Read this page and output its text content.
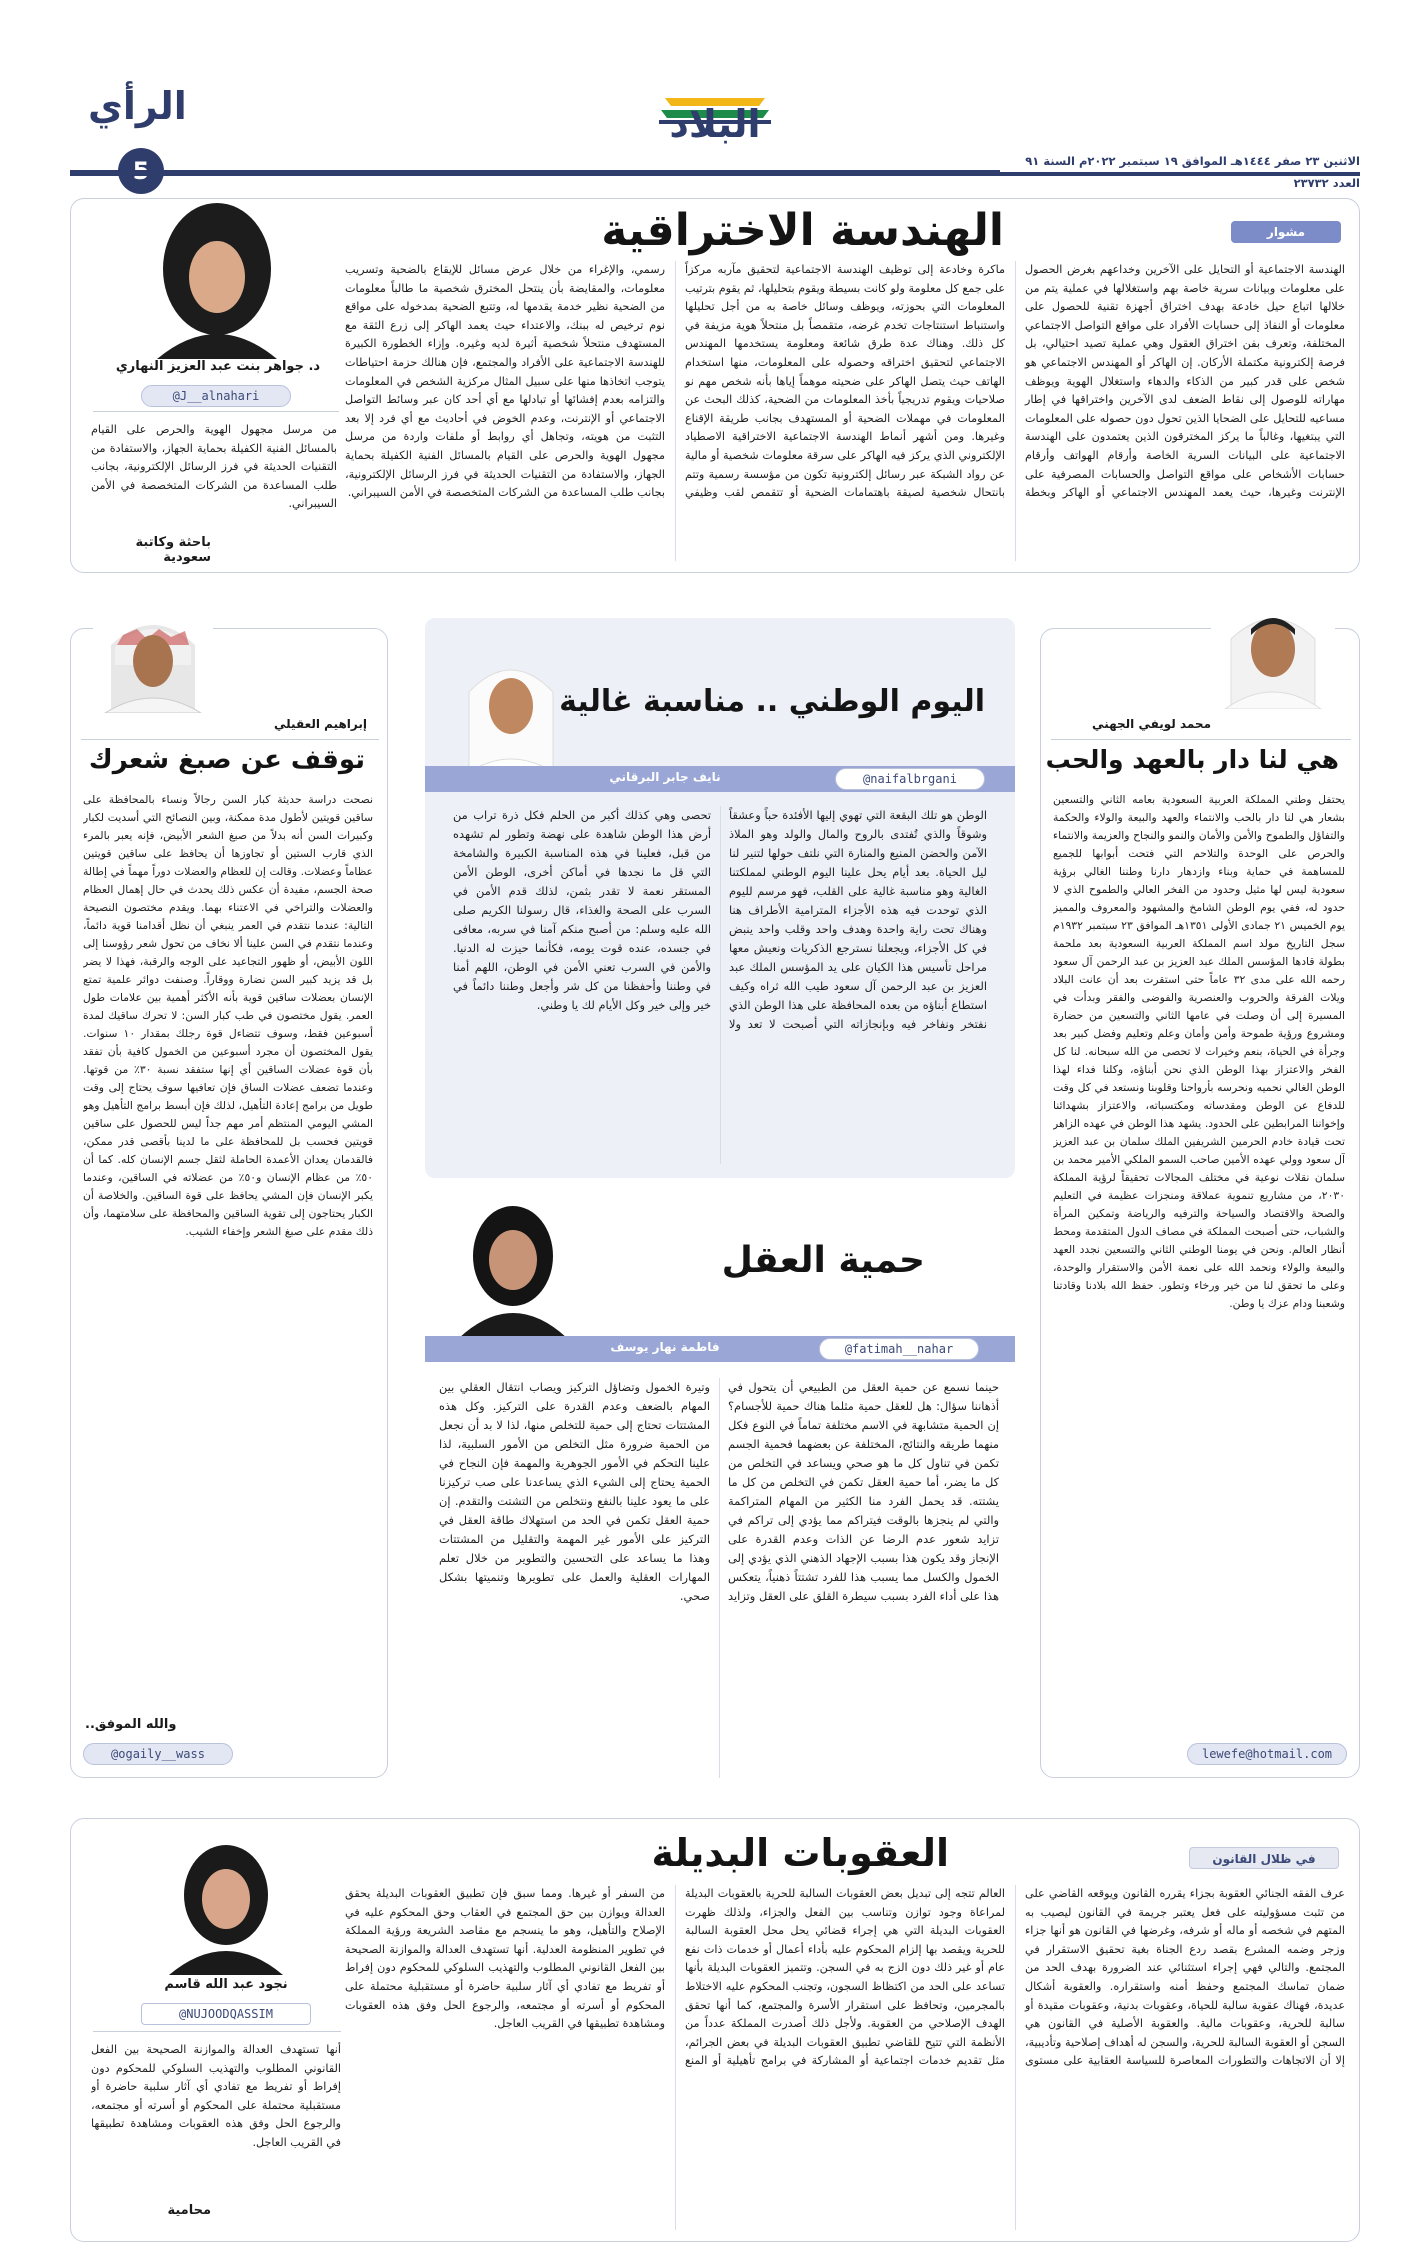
البلاد
الرأي
الاثنين ٢٣ صفر ١٤٤٤هـ الموافق ١٩ سبتمبر ٢٠٢٢م السنة ٩١ العدد ٢٣٧٣٢
مشوار
الهندسة الاختراقية
الهندسة الاجتماعية أو التحايل على الآخرين وخداعهم بغرض الحصول على معلومات وبيانات سرية خاصة بهم واستغلالها في عملية يتم من خلالها اتباع حيل خادعة بهدف اختراق أجهزة تقنية للحصول على معلومات أو النفاذ إلى حسابات الأفراد على مواقع التواصل الاجتماعي المختلفة، وتعرف بفن اختراق العقول وهي عملية تصيد احتيالي، بل فرصة إلكترونية مكتملة الأركان. إن الهاكر أو المهندس الاجتماعي هو شخص على قدر كبير من الذكاء والدهاء واستغلال الهوية ويوظف مهاراته للوصول إلى نقاط الضعف لدى الآخرين واختراقها في إطار مساعيه للتحايل على الضحايا الذين تحول دون حصوله على المعلومات التي يبتغيها، وغالباً ما يركز المخترقون الذين يعتمدون على الهندسة الاجتماعية على البيانات السرية الخاصة وأرقام الهواتف وأرقام حسابات الأشخاص على مواقع التواصل والحسابات المصرفية على الإنترنت وغيرها، حيث يعمد المهندس الاجتماعي أو الهاكر وبخطة ماكرة وخادعة إلى توظيف الهندسة الاجتماعية لتحقيق مآربه مركزاً على جمع كل معلومة ولو كانت بسيطة ويقوم بتحليلها، ثم يقوم بترتيب المعلومات التي بحوزته، ويوظف وسائل خاصة به من أجل تحليلها واستنباط استنتاجات تخدم غرضه، متقمصاً بل منتحلاً هوية مزيفة في كل ذلك. وهناك عدة طرق شائعة ومعلومة يستخدمها المهندس الاجتماعي لتحقيق اختراقه وحصوله على المعلومات، منها استخدام الهاتف حيث يتصل الهاكر على ضحيته موهماً إياها بأنه شخص مهم نو صلاحيات ويقوم تدريجياً بأخذ المعلومات من الضحية، كذلك البحث عن المعلومات في مهملات الضحية أو المستهدف بجانب طريقة الإقناع وغيرها. ومن أشهر أنماط الهندسة الاجتماعية الاختراقية الاصطياد الإلكتروني الذي يركز فيه الهاكر على سرقة معلومات شخصية أو مالية عن رواد الشبكة عبر رسائل إلكترونية تكون من مؤسسة رسمية وتتم بانتحال شخصية لصيقة باهتمامات الضحية أو تتقمص لقب وظيفي رسمي، والإغراء من خلال عرض مسائل للإيقاع بالضحية وتسريب معلومات، والمقايضة بأن ينتحل المخترق شخصية ما طالباً معلومات من الضحية نظير خدمة يقدمها له، وتتبع الضحية بمدخوله على مواقع نوم ترخيص له ببنك، والاعتداء حيث يعمد الهاكر إلى زرع الثقة مع المستهدف منتحلاً شخصية أثيرة لديه وغيره. وإزاء الخطورة الكبيرة للهندسة الاجتماعية على الأفراد والمجتمع، فإن هنالك حزمة احتياطات يتوجب اتخاذها منها على سبيل المثال مركزية الشخص في المعلومات والتزامه بعدم إفشائها أو تبادلها مع أي أحد كان عبر وسائط التواصل الاجتماعي أو الإنترنت، وعدم الخوض في أحاديث مع أي فرد إلا بعد التثبت من هويته، وتجاهل أي روابط أو ملفات واردة من مرسل مجهول الهوية والحرص على القيام بالمسائل الفنية الكفيلة بحماية الجهاز، والاستفادة من التقنيات الحديثة في فرز الرسائل الإلكترونية، بجانب طلب المساعدة من الشركات المتخصصة في الأمن السيبراني.
د. جواهر بنت عبد العزيز النهاري
@J__alnahari
باحثة وكاتبة سعودية
من مرسل مجهول الهوية والحرص على القيام بالمسائل الفنية الكفيلة بحماية الجهاز، والاستفادة من التقنيات الحديثة في فرز الرسائل الإلكترونية، بجانب طلب المساعدة من الشركات المتخصصة في الأمن السيبراني.
محمد لويفي الجهني
هي لنا دار بالعهد والحب
يحتفل وطني المملكة العربية السعودية بعامه الثاني والتسعين بشعار هي لنا دار بالحب والانتماء والعهد والبيعة والولاء والحكمة والتفاؤل والطموح والأمن والأمان والنمو والنجاح والعزيمة والانتماء والحرص على الوحدة والتلاحم التي فتحت أبوابها للجميع للمساهمة في حماية وبناء وازدهار دارنا وطننا الغالي برؤية سعودية ليس لها مثيل وحدود من الفخر العالي والطموح الذي لا حدود له، ففي يوم الوطن الشامخ والمشهود والمعروف والمميز يوم الخميس ٢١ جمادى الأولى ١٣٥١هـ الموافق ٢٣ سبتمبر ١٩٣٢م سجل التاريخ مولد اسم المملكة العربية السعودية بعد ملحمة بطولة قادها المؤسس الملك عبد العزيز بن عبد الرحمن آل سعود رحمه الله على مدى ٣٢ عاماً حتى استقرت بعد أن عانت البلاد ويلات الفرقة والحروب والعنصرية والفوضى والفقر وبدأت في المسيرة إلى أن وصلت في عامها الثاني والتسعين من حضارة ومشروع ورؤية طموحة وأمن وأمان وعلم وتعليم وفضل كبير بعد وجرأة في الحياة، بنعم وخيرات لا تحصى من الله سبحانه. لنا كل الفخر والاعتزاز بهذا الوطن الذي نحن أبناؤه، وكلنا فداء لهذا الوطن الغالي نحميه ونحرسه بأرواحنا وقلوبنا ونستعد في كل وقت للدفاع عن الوطن ومقدساته ومكتسباته، والاعتزاز بشهدائنا وإخواننا المرابطين على الحدود. يشهد هذا الوطن في عهده الزاهر تحت قيادة خادم الحرمين الشريفين الملك سلمان بن عبد العزيز آل سعود وولي عهده الأمين صاحب السمو الملكي الأمير محمد بن سلمان نقلات نوعية في مختلف المجالات تحقيقاً لرؤية المملكة ٢٠٣٠، من مشاريع تنموية عملاقة ومنجزات عظيمة في التعليم والصحة والاقتصاد والسياحة والترفيه والرياضة وتمكين المرأة والشباب، حتى أصبحت المملكة في مصاف الدول المتقدمة ومحط أنظار العالم. ونحن في يومنا الوطني الثاني والتسعين نجدد العهد والبيعة والولاء ونحمد الله على نعمة الأمن والاستقرار والوحدة، وعلى ما تحقق لنا من خير ورخاء وتطور. حفظ الله بلادنا وقادتنا وشعبنا ودام عزك يا وطن.
lewefe@hotmail.com
اليوم الوطني .. مناسبة غالية
نايف جابر البرقاني	@naifalbrgani
الوطن هو تلك البقعة التي تهوي إليها الأفئدة حباً وعشقاً وشوقاً والذي تُفتدى بالروح والمال والولد وهو الملاذ الآمن والحضن المنيع والمنارة التي نلتف حولها لتنير لنا ليل الحياة. بعد أيام يحل علينا اليوم الوطني لمملكتنا الغالية وهو مناسبة غالية على القلب، فهو مرسم لليوم الذي توحدت فيه هذه الأجزاء المترامية الأطراف هنا وهناك تحت راية واحدة وهدف واحد وقلب واحد ينبض في كل الأجزاء، ويجعلنا نسترجع الذكريات ونعيش معها مراحل تأسيس هذا الكيان على يد المؤسس الملك عبد العزيز بن عبد الرحمن آل سعود طيب الله ثراه وكيف استطاع أبناؤه من بعده المحافظة على هذا الوطن الذي نفتخر ونفاخر فيه وبإنجازاته التي أصبحت لا تعد ولا تحصى وهي كذلك أكبر من الحلم فكل ذرة تراب من أرض هذا الوطن شاهدة على نهضة وتطور لم تشهده من قبل، فعلينا في هذه المناسبة الكبيرة والشامخة التي قل ما نجدها في أماكن أخرى، الوطن الأمن المستقر نعمة لا تقدر بثمن، لذلك قدم الأمن في السرب على الصحة والغذاء، قال رسولنا الكريم صلى الله عليه وسلم: من أصبح منكم آمنا في سربه، معافى في جسده، عنده قوت يومه، فكأنما حيزت له الدنيا. والأمن في السرب تعني الأمن في الوطن، اللهم أمنا في وطننا وأحفظنا من كل شر وأجعل وطننا دائماً في خير وإلى خير وكل الأيام لك يا وطني.
حمية العقل
فاطمة نهار يوسف	@fatimah__nahar
حينما نسمع عن حمية العقل من الطبيعي أن يتحول في أذهاننا سؤال: هل للعقل حمية مثلما هناك حمية للأجسام؟ إن الحمية متشابهة في الاسم مختلفة تماماً في النوع فكل منهما طريقه والنتائج، المختلفة عن بعضهما فحمية الجسم تكمن في تناول كل ما هو صحي ويساعد في التخلص من كل ما يضر، أما حمية العقل تكمن في التخلص من كل ما يشتته. قد يحمل الفرد منا الكثير من المهام المتراكمة والتي لم ينجزها بالوقت فيتراكم مما يؤدي إلى تراكم في تزايد شعور عدم الرضا عن الذات وعدم القدرة على الإنجاز وقد يكون هذا بسبب الإجهاد الذهني الذي يؤدي إلى الخمول والكسل مما يسبب هذا للفرد تشتتاً ذهنياً، يتعكس هذا على أداء الفرد بسبب سيطرة القلق على العقل وتزايد وتيرة الخمول وتضاؤل التركيز ويصاب انتقال العقلي بين المهام بالضعف وعدم القدرة على التركيز. وكل هذه المشتتات تحتاج إلى حمية للتخلص منها، لذا لا بد أن نجعل من الحمية ضرورة مثل التخلص من الأمور السلبية، لذا علينا التحكم في الأمور الجوهرية والمهمة فإن النجاح في الحمية يحتاج إلى الشيء الذي يساعدنا على صب تركيزنا على ما يعود علينا بالنفع ونتخلص من التشتت والتقدم. إن حمية العقل تكمن في الحد من استهلاك طاقة العقل في التركيز على الأمور غير المهمة والتقليل من المشتتات وهذا ما يساعد على التحسين والتطوير من خلال تعلم المهارات العقلية والعمل على تطويرها وتنميتها بشكل صحي.
إبراهيم العقيلي
توقف عن صبغ شعرك
نصحت دراسة حديثة كبار السن رجالاً ونساء بالمحافظة على ساقين قويتين لأطول مدة ممكنة، وبين النصائح التي أسديت لكبار وكبيرات السن أنه بدلاً من صبغ الشعر الأبيض، فإنه يعبر بالمرء الذي قارب الستين أو تجاوزها أن يحافظ على ساقين قويتين عظاماً وعضلات. وقالت إن للعظام والعضلات دوراً مهماً في إطالة صحة الجسم، مفيدة أن عكس ذلك يحدث في حال إهمال العظام والعضلات والتراخي في الاعتناء بهما. ويقدم مختصون النصيحة التالية: عندما نتقدم في العمر ينبغي أن نظل أقدامنا قوية دائماً، وعندما نتقدم في السن علينا ألا نخاف من تحول شعر رؤوسنا إلى اللون الأبيض، أو ظهور التجاعيد على الوجه والرقبة، فهذا لا يضر بل قد يزيد كبير السن نضارة ووقاراً. وصنفت دوائر علمية تمتع الإنسان بعضلات ساقين قوية بأنه الأكثر أهمية بين علامات طول العمر. يقول مختصون في طب كبار السن: لا تحرك ساقيك لمدة أسبوعين فقط، وسوف تتضاءل قوة رجلك بمقدار ١٠ سنوات. يقول المختصون أن مجرد أسبوعين من الخمول كافية بأن تفقد بأن قوة عضلات الساقين أي إنها ستفقد نسبة ٣٠٪ من قوتها. وعندما تضعف عضلات الساق فإن تعافيها سوف يحتاج إلى وقت طويل من برامج إعادة التأهيل، لذلك فإن أبسط برامج التأهيل وهو المشي اليومي المنتظم أمر مهم جداً ليس للحصول على ساقين قويتين فحسب بل للمحافظة على ما لدينا بأقصى قدر ممكن، فالقدمان يعدان الأعمدة الحاملة لثقل جسم الإنسان كله. كما أن ٥٠٪ من عظام الإنسان و٥٠٪ من عضلاته في الساقين، وعندما يكبر الإنسان فإن المشي يحافظ على قوة الساقين. والخلاصة أن الكبار يحتاجون إلى تقوية الساقين والمحافظة على سلامتهما، وأن ذلك مقدم على صبغ الشعر وإخفاء الشيب.
والله الموفق..
@ogaily__wass
في ظلال القانون
العقوبات البديلة
عرف الفقه الجنائي العقوبة بجزاء يقرره القانون ويوقعه القاضي على من تثبت مسؤوليته على فعل يعتبر جريمة في القانون ليصيب به المتهم في شخصه أو ماله أو شرفه، وغرضها في القانون هو أنها جزاء وزجر وضمه المشرع بقصد ردع الجناة بغية تحقيق الاستقرار في المجتمع. والتالي فهي إجراء استثنائي عند الضرورة بهدف الحد من ضمان تماسك المجتمع وحفظ أمنه واستقراره. والعقوبة أشكال عديدة، فهناك عقوبة سالبة للحياة، وعقوبات بدنية، وعقوبات مقيدة أو سالبة للحرية، وعقوبات مالية. والعقوبة الأصلية في القانون هي السجن أو العقوبة السالبة للحرية، والسجن له أهداف إصلاحية وتأديبية، إلا أن الاتجاهات والتطورات المعاصرة للسياسة العقابية على مستوى العالم تتجه إلى تبديل بعض العقوبات السالبة للحرية بالعقوبات البديلة لمراعاة وجود توازن وتناسب بين الفعل والجزاء، ولذلك ظهرت العقوبات البديلة التي هي إجراء قضائي يحل محل العقوبة السالبة للحرية ويقصد بها إلزام المحكوم عليه بأداء أعمال أو خدمات ذات نفع عام أو غير ذلك دون الزج به في السجن. وتتميز العقوبات البديلة بأنها تساعد على الحد من اكتظاظ السجون، وتجنب المحكوم عليه الاختلاط بالمجرمين، وتحافظ على استقرار الأسرة والمجتمع، كما أنها تحقق الهدف الإصلاحي من العقوبة. ولأجل ذلك أصدرت المملكة عدداً من الأنظمة التي تتيح للقاضي تطبيق العقوبات البديلة في بعض الجرائم، مثل تقديم خدمات اجتماعية أو المشاركة في برامج تأهيلية أو المنع من السفر أو غيرها. ومما سبق فإن تطبيق العقوبات البديلة يحقق العدالة ويوازن بين حق المجتمع في العقاب وحق المحكوم عليه في الإصلاح والتأهيل، وهو ما ينسجم مع مقاصد الشريعة ورؤية المملكة في تطوير المنظومة العدلية. أنها تستهدف العدالة والموازنة الصحيحة بين الفعل القانوني المطلوب والتهذيب السلوكي للمحكوم دون إفراط أو تفريط مع تفادي أي آثار سلبية حاضرة أو مستقبلية محتملة على المحكوم أو أسرته أو مجتمعه، والرجوع الحل وفق هذه العقوبات ومشاهدة تطبيقها في القريب العاجل.
نجود عبد الله قاسم
@NUJOODQASSIM
أنها تستهدف العدالة والموازنة الصحيحة بين الفعل القانوني المطلوب والتهذيب السلوكي للمحكوم دون إفراط أو تفريط مع تفادي أي آثار سلبية حاضرة أو مستقبلية محتملة على المحكوم أو أسرته أو مجتمعه، والرجوع الحل وفق هذه العقوبات ومشاهدة تطبيقها في القريب العاجل.
محامية
